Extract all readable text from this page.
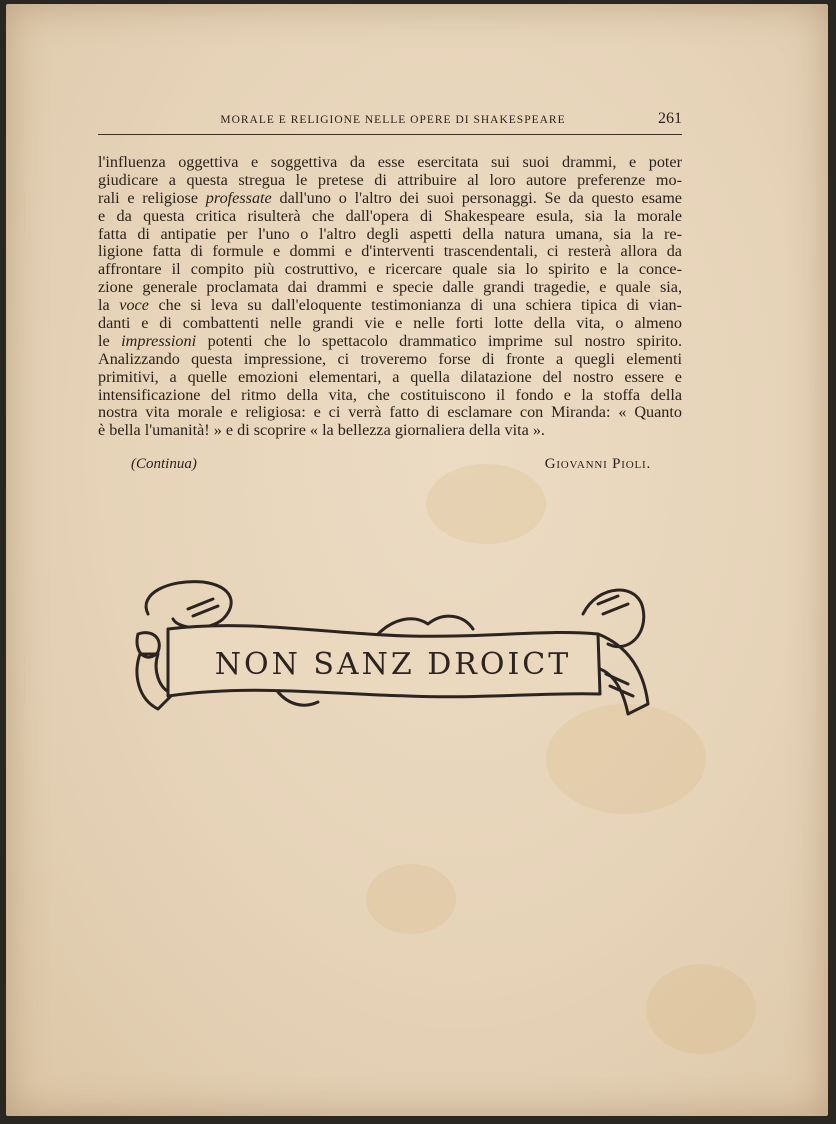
MORALE E RELIGIONE NELLE OPERE DI SHAKESPEARE	261
l'influenza oggettiva e soggettiva da esse esercitata sui suoi drammi, e poter
giudicare a questa stregua le pretese di attribuire al loro autore preferenze mo-
rali e religiose professate dall'uno o l'altro dei suoi personaggi. Se da questo esame
e da questa critica risulterà che dall'opera di Shakespeare esula, sia la morale
fatta di antipatie per l'uno o l'altro degli aspetti della natura umana, sia la re-
ligione fatta di formule e dommi e d'interventi trascendentali, ci resterà allora da
affrontare il compito più costruttivo, e ricercare quale sia lo spirito e la conce-
zione generale proclamata dai drammi e specie dalle grandi tragedie, e quale sia,
la voce che si leva su dall'eloquente testimonianza di una schiera tipica di vian-
danti e di combattenti nelle grandi vie e nelle forti lotte della vita, o almeno
le impressioni potenti che lo spettacolo drammatico imprime sul nostro spirito.
Analizzando questa impressione, ci troveremo forse di fronte a quegli elementi
primitivi, a quelle emozioni elementari, a quella dilatazione del nostro essere e
intensificazione del ritmo della vita, che costituiscono il fondo e la stoffa della
nostra vita morale e religiosa: e ci verrà fatto di esclamare con Miranda: « Quanto
è bella l'umanità! » e di scoprire « la bellezza giornaliera della vita ».
(Continua)	Giovanni Pioli.
NON SANZ DROICT
